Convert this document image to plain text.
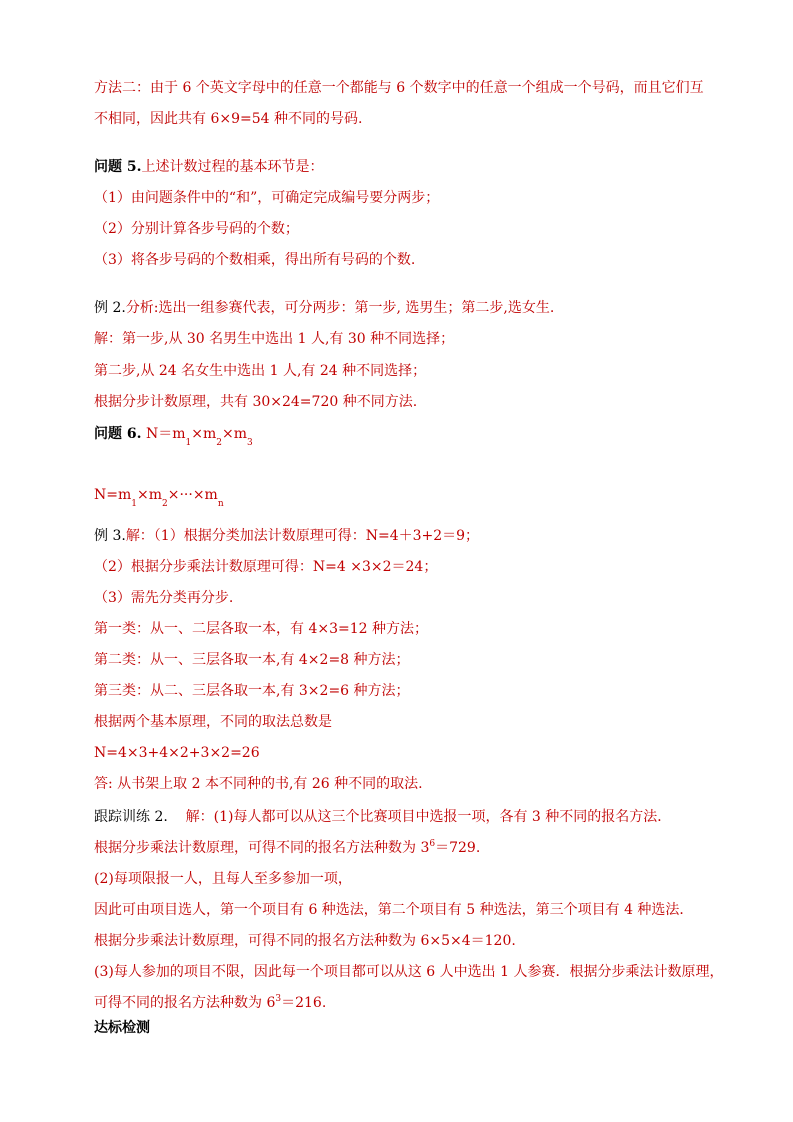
方法二：由于 6 个英文字母中的任意一个都能与 6 个数字中的任意一个组成一个号码，而且它们互
不相同，因此共有 6×9=54 种不同的号码.
问题 5.上述计数过程的基本环节是：
（1）由问题条件中的“和”，可确定完成编号要分两步；
（2）分别计算各步号码的个数；
（3）将各步号码的个数相乘，得出所有号码的个数.
例 2.分析:选出一组参赛代表，可分两步：第一步, 选男生；第二步,选女生.
解：第一步,从 30 名男生中选出 1 人,有 30 种不同选择；
第二步,从 24 名女生中选出 1 人,有 24 种不同选择；
根据分步计数原理，共有 30×24=720 种不同方法.
问题 6. $N=m_1\times m_2\times m_3$
$N=m_1\times m_2\times\cdot\cdot\cdot\times m_n$
例 3.解：（1）根据分类加法计数原理可得：N=4＋3+2＝9；
（2）根据分步乘法计数原理可得：N=4 ×3×2＝24；
（3）需先分类再分步.
第一类：从一、二层各取一本，有 4×3=12 种方法；
第二类：从一、三层各取一本,有 4×2=8 种方法；
第三类：从二、三层各取一本,有 3×2=6 种方法；
根据两个基本原理，不同的取法总数是
N=4×3+4×2+3×2=26
答: 从书架上取 2 本不同种的书,有 26 种不同的取法.
跟踪训练 2. 解：(1)每人都可以从这三个比赛项目中选报一项，各有 3 种不同的报名方法．
根据分步乘法计数原理，可得不同的报名方法种数为 $3^6=729$.
(2)每项限报一人，且每人至多参加一项，
因此可由项目选人，第一个项目有 6 种选法，第二个项目有 5 种选法，第三个项目有 4 种选法．
根据分步乘法计数原理，可得不同的报名方法种数为 6×5×4＝120.
(3)每人参加的项目不限，因此每一个项目都可以从这 6 人中选出 1 人参赛．根据分步乘法计数原理，
可得不同的报名方法种数为 $6^3=216$.
达标检测
